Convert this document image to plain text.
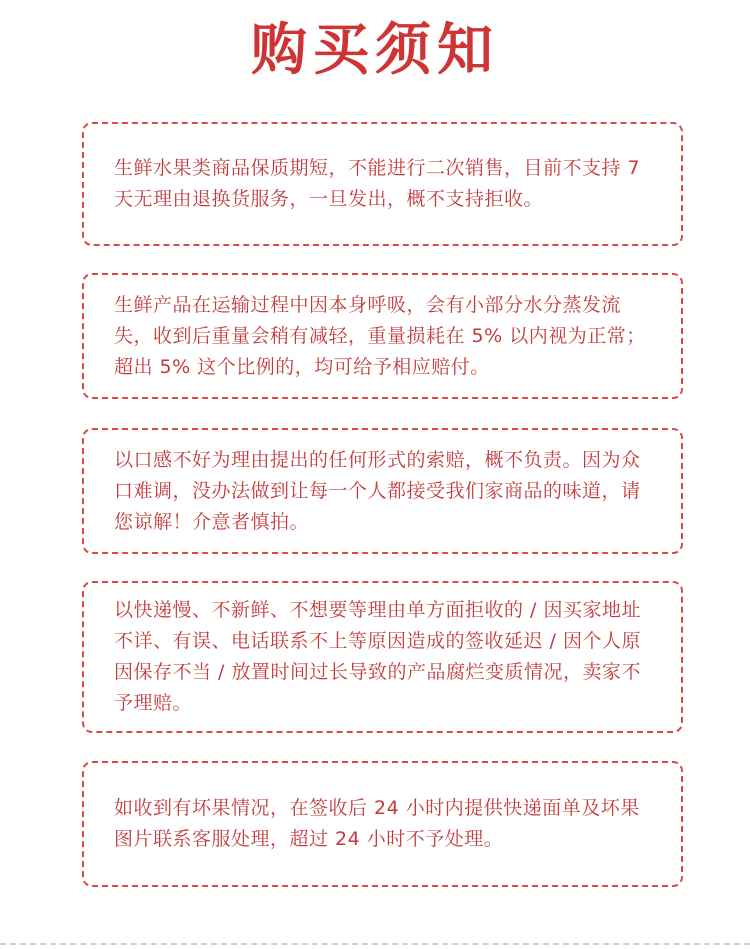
购买须知

生鲜水果类商品保质期短，不能进行二次销售，目前不支持 7 天无理由退换货服务，一旦发出，概不支持拒收。

生鲜产品在运输过程中因本身呼吸，会有小部分水分蒸发流失，收到后重量会稍有减轻，重量损耗在 5% 以内视为正常；超出 5% 这个比例的，均可给予相应赔付。

以口感不好为理由提出的任何形式的索赔，概不负责。因为众口难调，没办法做到让每一个人都接受我们家商品的味道，请您谅解！介意者慎拍。

以快递慢、不新鲜、不想要等理由单方面拒收的 / 因买家地址不详、有误、电话联系不上等原因造成的签收延迟 / 因个人原因保存不当 / 放置时间过长导致的产品腐烂变质情况，卖家不予理赔。

如收到有坏果情况，在签收后 24 小时内提供快递面单及坏果图片联系客服处理，超过 24 小时不予处理。
